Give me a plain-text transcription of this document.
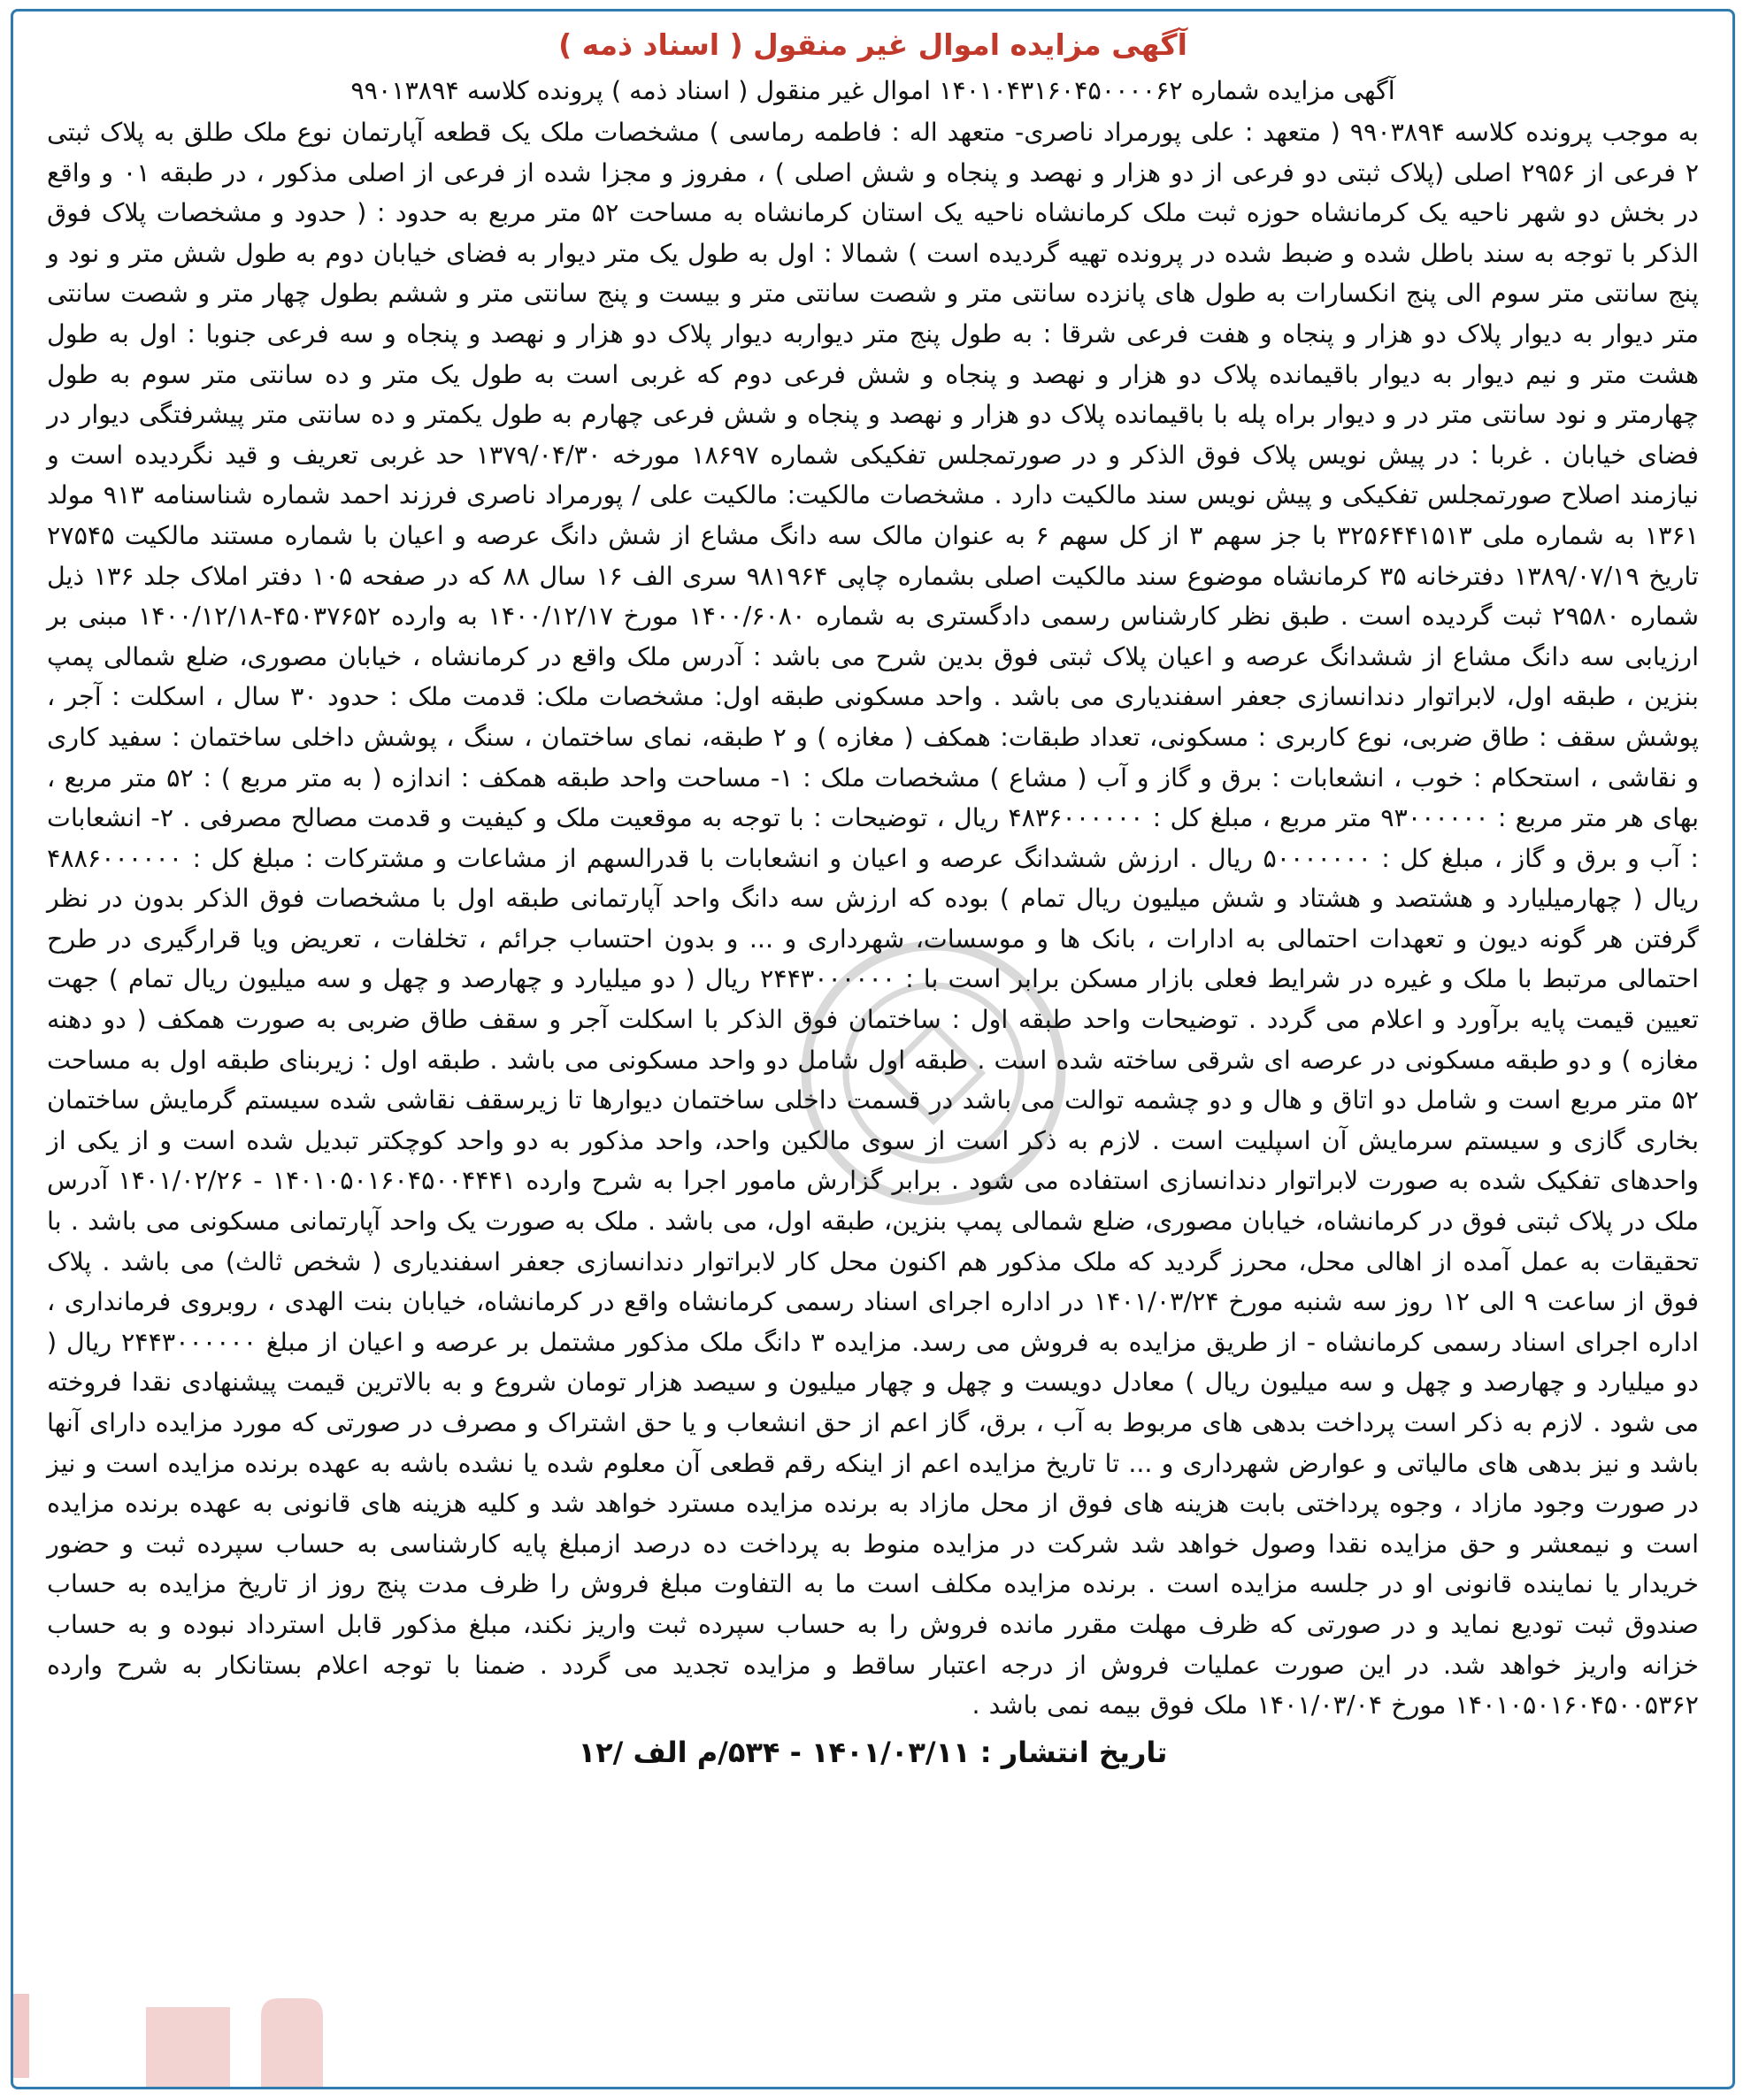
آگهی مزایده اموال غیر منقول ( اسناد ذمه )

آگهی مزایده شماره ۱۴۰۱۰۴۳۱۶۰۴۵۰۰۰۰۶۲ اموال غیر منقول ( اسناد ذمه ) پرونده کلاسه ۹۹۰۱۳۸۹۴

به موجب پرونده کلاسه ۹۹۰۳۸۹۴ ( متعهد : علی پورمراد ناصری- متعهد اله : فاطمه رماسی ) مشخصات ملک یک قطعه آپارتمان نوع ملک طلق به پلاک ثبتی ۲ فرعی از ۲۹۵۶ اصلی (پلاک ثبتی دو فرعی از دو هزار و نهصد و پنجاه و شش اصلی ) ، مفروز و مجزا شده از فرعی از اصلی مذکور ، در طبقه ۰۱ و واقع در بخش دو شهر ناحیه یک کرمانشاه حوزه ثبت ملک کرمانشاه ناحیه یک استان کرمانشاه به مساحت ۵۲ متر مربع به حدود : ( حدود و مشخصات پلاک فوق الذکر با توجه به سند باطل شده و ضبط شده در پرونده تهیه گردیده است ) شمالا : اول به طول یک متر دیوار به فضای خیابان دوم به طول شش متر و نود و پنج سانتی متر سوم الی پنج انکسارات به طول های پانزده سانتی متر و شصت سانتی متر و بیست و پنج سانتی متر و ششم بطول چهار متر و شصت سانتی متر دیوار به دیوار پلاک دو هزار و پنجاه و هفت فرعی شرقا : به طول پنج متر دیواربه دیوار پلاک دو هزار و نهصد و پنجاه و سه فرعی جنوبا : اول به طول هشت متر و نیم دیوار به دیوار باقیمانده پلاک دو هزار و نهصد و پنجاه و شش فرعی دوم که غربی است به طول یک متر و ده سانتی متر سوم به طول چهارمتر و نود سانتی متر در و دیوار براه پله با باقیمانده پلاک دو هزار و نهصد و پنجاه و شش فرعی چهارم به طول یکمتر و ده سانتی متر پیشرفتگی دیوار در فضای خیابان . غربا : در پیش نویس پلاک فوق الذکر و در صورتمجلس تفکیکی شماره ۱۸۶۹۷ مورخه ۱۳۷۹/۰۴/۳۰ حد غربی تعریف و قید نگردیده است و نیازمند اصلاح صورتمجلس تفکیکی و پیش نویس سند مالکیت دارد . مشخصات مالکیت: مالکیت علی / پورمراد ناصری فرزند احمد شماره شناسنامه ۹۱۳ مولد ۱۳۶۱ به شماره ملی ۳۲۵۶۴۴۱۵۱۳ با جز سهم ۳ از کل سهم ۶ به عنوان مالک سه دانگ مشاع از شش دانگ عرصه و اعیان با شماره مستند مالکیت ۲۷۵۴۵ تاریخ ۱۳۸۹/۰۷/۱۹ دفترخانه ۳۵ کرمانشاه موضوع سند مالکیت اصلی بشماره چاپی ۹۸۱۹۶۴ سری الف ۱۶ سال ۸۸ که در صفحه ۱۰۵ دفتر املاک جلد ۱۳۶ ذیل شماره ۲۹۵۸۰ ثبت گردیده است . طبق نظر کارشناس رسمی دادگستری به شماره ۱۴۰۰/۶۰۸۰ مورخ ۱۴۰۰/۱۲/۱۷ به وارده ۴۵۰۳۷۶۵۲-۱۴۰۰/۱۲/۱۸ مبنی بر ارزیابی سه دانگ مشاع از ششدانگ عرصه و اعیان پلاک ثبتی فوق بدین شرح می باشد : آدرس ملک واقع در کرمانشاه ، خیابان مصوری، ضلع شمالی پمپ بنزین ، طبقه اول، لابراتوار دندانسازی جعفر اسفندیاری می باشد . واحد مسکونی طبقه اول: مشخصات ملک: قدمت ملک : حدود ۳۰ سال ، اسکلت : آجر ، پوشش سقف : طاق ضربی، نوع کاربری : مسکونی، تعداد طبقات: همکف ( مغازه ) و ۲ طبقه، نمای ساختمان ، سنگ ، پوشش داخلی ساختمان : سفید کاری و نقاشی ، استحکام : خوب ، انشعابات : برق و گاز و آب ( مشاع ) مشخصات ملک : ۱- مساحت واحد طبقه همکف : اندازه ( به متر مربع ) : ۵۲ متر مربع ، بهای هر متر مربع : ۹۳۰۰۰۰۰۰ متر مربع ، مبلغ کل : ۴۸۳۶۰۰۰۰۰۰ ریال ، توضیحات : با توجه به موقعیت ملک و کیفیت و قدمت مصالح مصرفی . ۲- انشعابات : آب و برق و گاز ، مبلغ کل : ۵۰۰۰۰۰۰۰ ریال . ارزش ششدانگ عرصه و اعیان و انشعابات با قدرالسهم از مشاعات و مشترکات : مبلغ کل : ۴۸۸۶۰۰۰۰۰۰ ریال ( چهارمیلیارد و هشتصد و هشتاد و شش میلیون ریال تمام ) بوده که ارزش سه دانگ واحد آپارتمانی طبقه اول با مشخصات فوق الذکر بدون در نظر گرفتن هر گونه دیون و تعهدات احتمالی به ادارات ، بانک ها و موسسات، شهرداری و ... و بدون احتساب جرائم ، تخلفات ، تعریض ویا قرارگیری در طرح احتمالی مرتبط با ملک و غیره در شرایط فعلی بازار مسکن برابر است با : ۲۴۴۳۰۰۰۰۰۰ ریال ( دو میلیارد و چهارصد و چهل و سه میلیون ریال تمام ) جهت تعیین قیمت پایه برآورد و اعلام می گردد . توضیحات واحد طبقه اول : ساختمان فوق الذکر با اسکلت آجر و سقف طاق ضربی به صورت همکف ( دو دهنه مغازه ) و دو طبقه مسکونی در عرصه ای شرقی ساخته شده است . طبقه اول شامل دو واحد مسکونی می باشد . طبقه اول : زیربنای طبقه اول به مساحت ۵۲ متر مربع است و شامل دو اتاق و هال و دو چشمه توالت می باشد در قسمت داخلی ساختمان دیوارها تا زیرسقف نقاشی شده سیستم گرمایش ساختمان بخاری گازی و سیستم سرمایش آن اسپلیت است . لازم به ذکر است از سوی مالکین واحد، واحد مذکور به دو واحد کوچکتر تبدیل شده است و از یکی از واحدهای تفکیک شده به صورت لابراتوار دندانسازی استفاده می شود . برابر گزارش مامور اجرا به شرح وارده ۱۴۰۱۰۵۰۱۶۰۴۵۰۰۴۴۴۱ - ۱۴۰۱/۰۲/۲۶ آدرس ملک در پلاک ثبتی فوق در کرمانشاه، خیابان مصوری، ضلع شمالی پمپ بنزین، طبقه اول، می باشد . ملک به صورت یک واحد آپارتمانی مسکونی می باشد . با تحقیقات به عمل آمده از اهالی محل، محرز گردید که ملک مذکور هم اکنون محل کار لابراتوار دندانسازی جعفر اسفندیاری ( شخص ثالث) می باشد . پلاک فوق از ساعت ۹ الی ۱۲ روز سه شنبه مورخ ۱۴۰۱/۰۳/۲۴ در اداره اجرای اسناد رسمی کرمانشاه واقع در کرمانشاه، خیابان بنت الهدی ، روبروی فرمانداری ، اداره اجرای اسناد رسمی کرمانشاه - از طریق مزایده به فروش می رسد. مزایده ۳ دانگ ملک مذکور مشتمل بر عرصه و اعیان از مبلغ ۲۴۴۳۰۰۰۰۰۰ ریال ( دو میلیارد و چهارصد و چهل و سه میلیون ریال ) معادل دویست و چهل و چهار میلیون و سیصد هزار تومان شروع و به بالاترین قیمت پیشنهادی نقدا فروخته می شود . لازم به ذکر است پرداخت بدهی های مربوط به آب ، برق، گاز اعم از حق انشعاب و یا حق اشتراک و مصرف در صورتی که مورد مزایده دارای آنها باشد و نیز بدهی های مالیاتی و عوارض شهرداری و ... تا تاریخ مزایده اعم از اینکه رقم قطعی آن معلوم شده یا نشده باشه به عهده برنده مزایده است و نیز در صورت وجود مازاد ، وجوه پرداختی بابت هزینه های فوق از محل مازاد به برنده مزایده مسترد خواهد شد و کلیه هزینه های قانونی به عهده برنده مزایده است و نیمعشر و حق مزایده نقدا وصول خواهد شد شرکت در مزایده منوط به پرداخت ده درصد ازمبلغ پایه کارشناسی به حساب سپرده ثبت و حضور خریدار یا نماینده قانونی او در جلسه مزایده است . برنده مزایده مکلف است ما به التفاوت مبلغ فروش را ظرف مدت پنج روز از تاریخ مزایده به حساب صندوق ثبت تودیع نماید و در صورتی که ظرف مهلت مقرر مانده فروش را به حساب سپرده ثبت واریز نکند، مبلغ مذکور قابل استرداد نبوده و به حساب خزانه واریز خواهد شد. در این صورت عملیات فروش از درجه اعتبار ساقط و مزایده تجدید می گردد . ضمنا با توجه اعلام بستانکار به شرح وارده ۱۴۰۱۰۵۰۱۶۰۴۵۰۰۵۳۶۲ مورخ ۱۴۰۱/۰۳/۰۴ ملک فوق بیمه نمی باشد .

تاریخ انتشار : ۱۴۰۱/۰۳/۱۱ - ۵۳۴/م الف /۱۲
